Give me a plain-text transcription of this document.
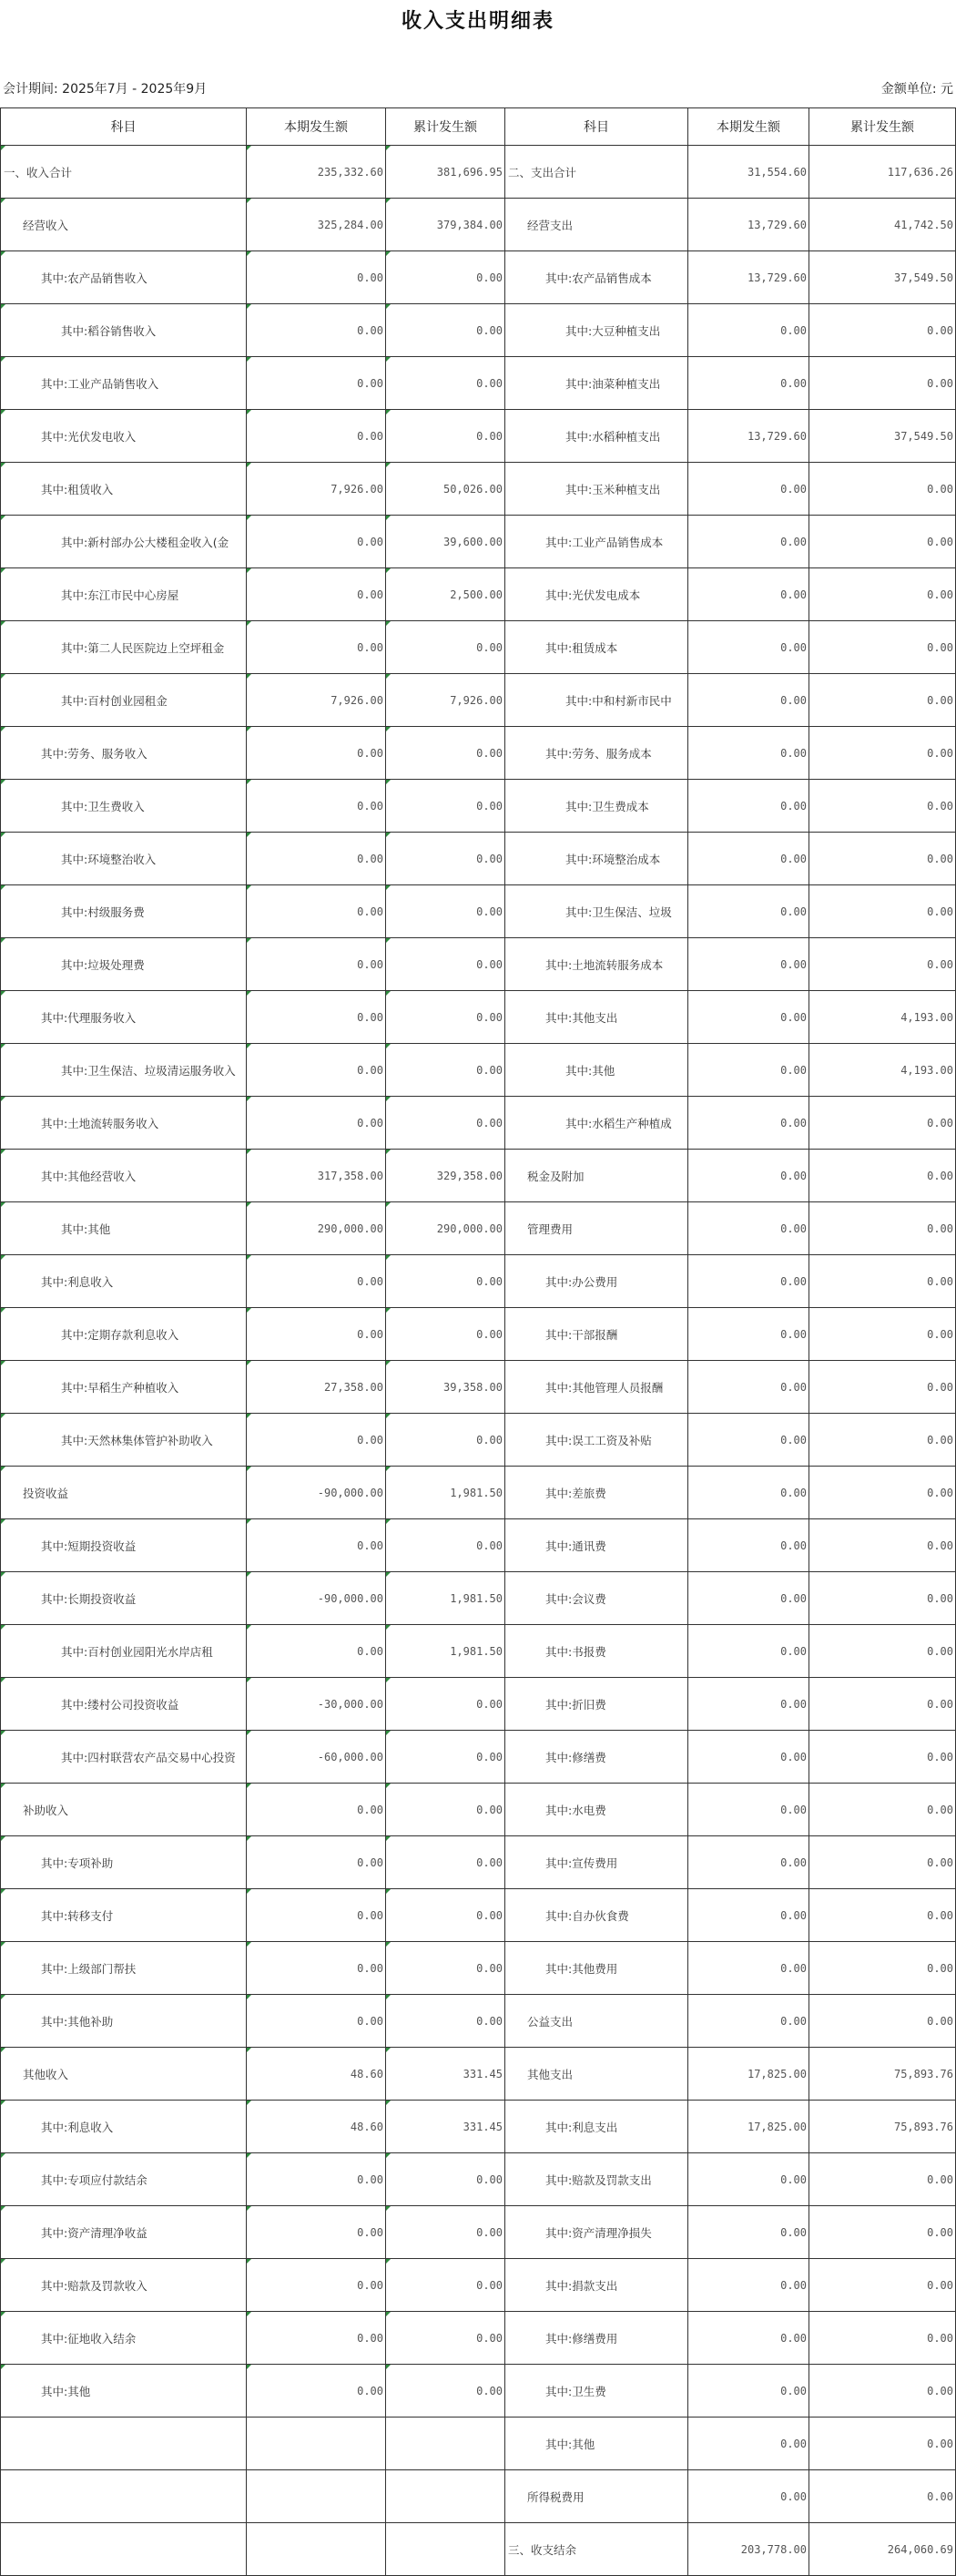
收入支出明细表
会计期间: 2025年7月 - 2025年9月	金额单位: 元
科目	本期发生额	累计发生额	科目	本期发生额	累计发生额
一、收入合计	235,332.60	381,696.95	二、支出合计	31,554.60	117,636.26
经营收入	325,284.00	379,384.00	经营支出	13,729.60	41,742.50
其中:农产品销售收入	0.00	0.00	其中:农产品销售成本	13,729.60	37,549.50
其中:稻谷销售收入	0.00	0.00	其中:大豆种植支出	0.00	0.00
其中:工业产品销售收入	0.00	0.00	其中:油菜种植支出	0.00	0.00
其中:光伏发电收入	0.00	0.00	其中:水稻种植支出	13,729.60	37,549.50
其中:租赁收入	7,926.00	50,026.00	其中:玉米种植支出	0.00	0.00
其中:新村部办公大楼租金收入(金	0.00	39,600.00	其中:工业产品销售成本	0.00	0.00
其中:东江市民中心房屋	0.00	2,500.00	其中:光伏发电成本	0.00	0.00
其中:第二人民医院边上空坪租金	0.00	0.00	其中:租赁成本	0.00	0.00
其中:百村创业园租金	7,926.00	7,926.00	其中:中和村新市民中	0.00	0.00
其中:劳务、服务收入	0.00	0.00	其中:劳务、服务成本	0.00	0.00
其中:卫生费收入	0.00	0.00	其中:卫生费成本	0.00	0.00
其中:环境整治收入	0.00	0.00	其中:环境整治成本	0.00	0.00
其中:村级服务费	0.00	0.00	其中:卫生保洁、垃圾	0.00	0.00
其中:垃圾处理费	0.00	0.00	其中:土地流转服务成本	0.00	0.00
其中:代理服务收入	0.00	0.00	其中:其他支出	0.00	4,193.00
其中:卫生保洁、垃圾清运服务收入	0.00	0.00	其中:其他	0.00	4,193.00
其中:土地流转服务收入	0.00	0.00	其中:水稻生产种植成	0.00	0.00
其中:其他经营收入	317,358.00	329,358.00	税金及附加	0.00	0.00
其中:其他	290,000.00	290,000.00	管理费用	0.00	0.00
其中:利息收入	0.00	0.00	其中:办公费用	0.00	0.00
其中:定期存款利息收入	0.00	0.00	其中:干部报酬	0.00	0.00
其中:早稻生产种植收入	27,358.00	39,358.00	其中:其他管理人员报酬	0.00	0.00
其中:天然林集体管护补助收入	0.00	0.00	其中:误工工资及补贴	0.00	0.00
投资收益	-90,000.00	1,981.50	其中:差旅费	0.00	0.00
其中:短期投资收益	0.00	0.00	其中:通讯费	0.00	0.00
其中:长期投资收益	-90,000.00	1,981.50	其中:会议费	0.00	0.00
其中:百村创业园阳光水岸店租	0.00	1,981.50	其中:书报费	0.00	0.00
其中:缕村公司投资收益	-30,000.00	0.00	其中:折旧费	0.00	0.00
其中:四村联营农产品交易中心投资	-60,000.00	0.00	其中:修缮费	0.00	0.00
补助收入	0.00	0.00	其中:水电费	0.00	0.00
其中:专项补助	0.00	0.00	其中:宣传费用	0.00	0.00
其中:转移支付	0.00	0.00	其中:自办伙食费	0.00	0.00
其中:上级部门帮扶	0.00	0.00	其中:其他费用	0.00	0.00
其中:其他补助	0.00	0.00	公益支出	0.00	0.00
其他收入	48.60	331.45	其他支出	17,825.00	75,893.76
其中:利息收入	48.60	331.45	其中:利息支出	17,825.00	75,893.76
其中:专项应付款结余	0.00	0.00	其中:赔款及罚款支出	0.00	0.00
其中:资产清理净收益	0.00	0.00	其中:资产清理净损失	0.00	0.00
其中:赔款及罚款收入	0.00	0.00	其中:捐款支出	0.00	0.00
其中:征地收入结余	0.00	0.00	其中:修缮费用	0.00	0.00
其中:其他	0.00	0.00	其中:卫生费	0.00	0.00
			其中:其他	0.00	0.00
			所得税费用	0.00	0.00
			三、收支结余	203,778.00	264,060.69
